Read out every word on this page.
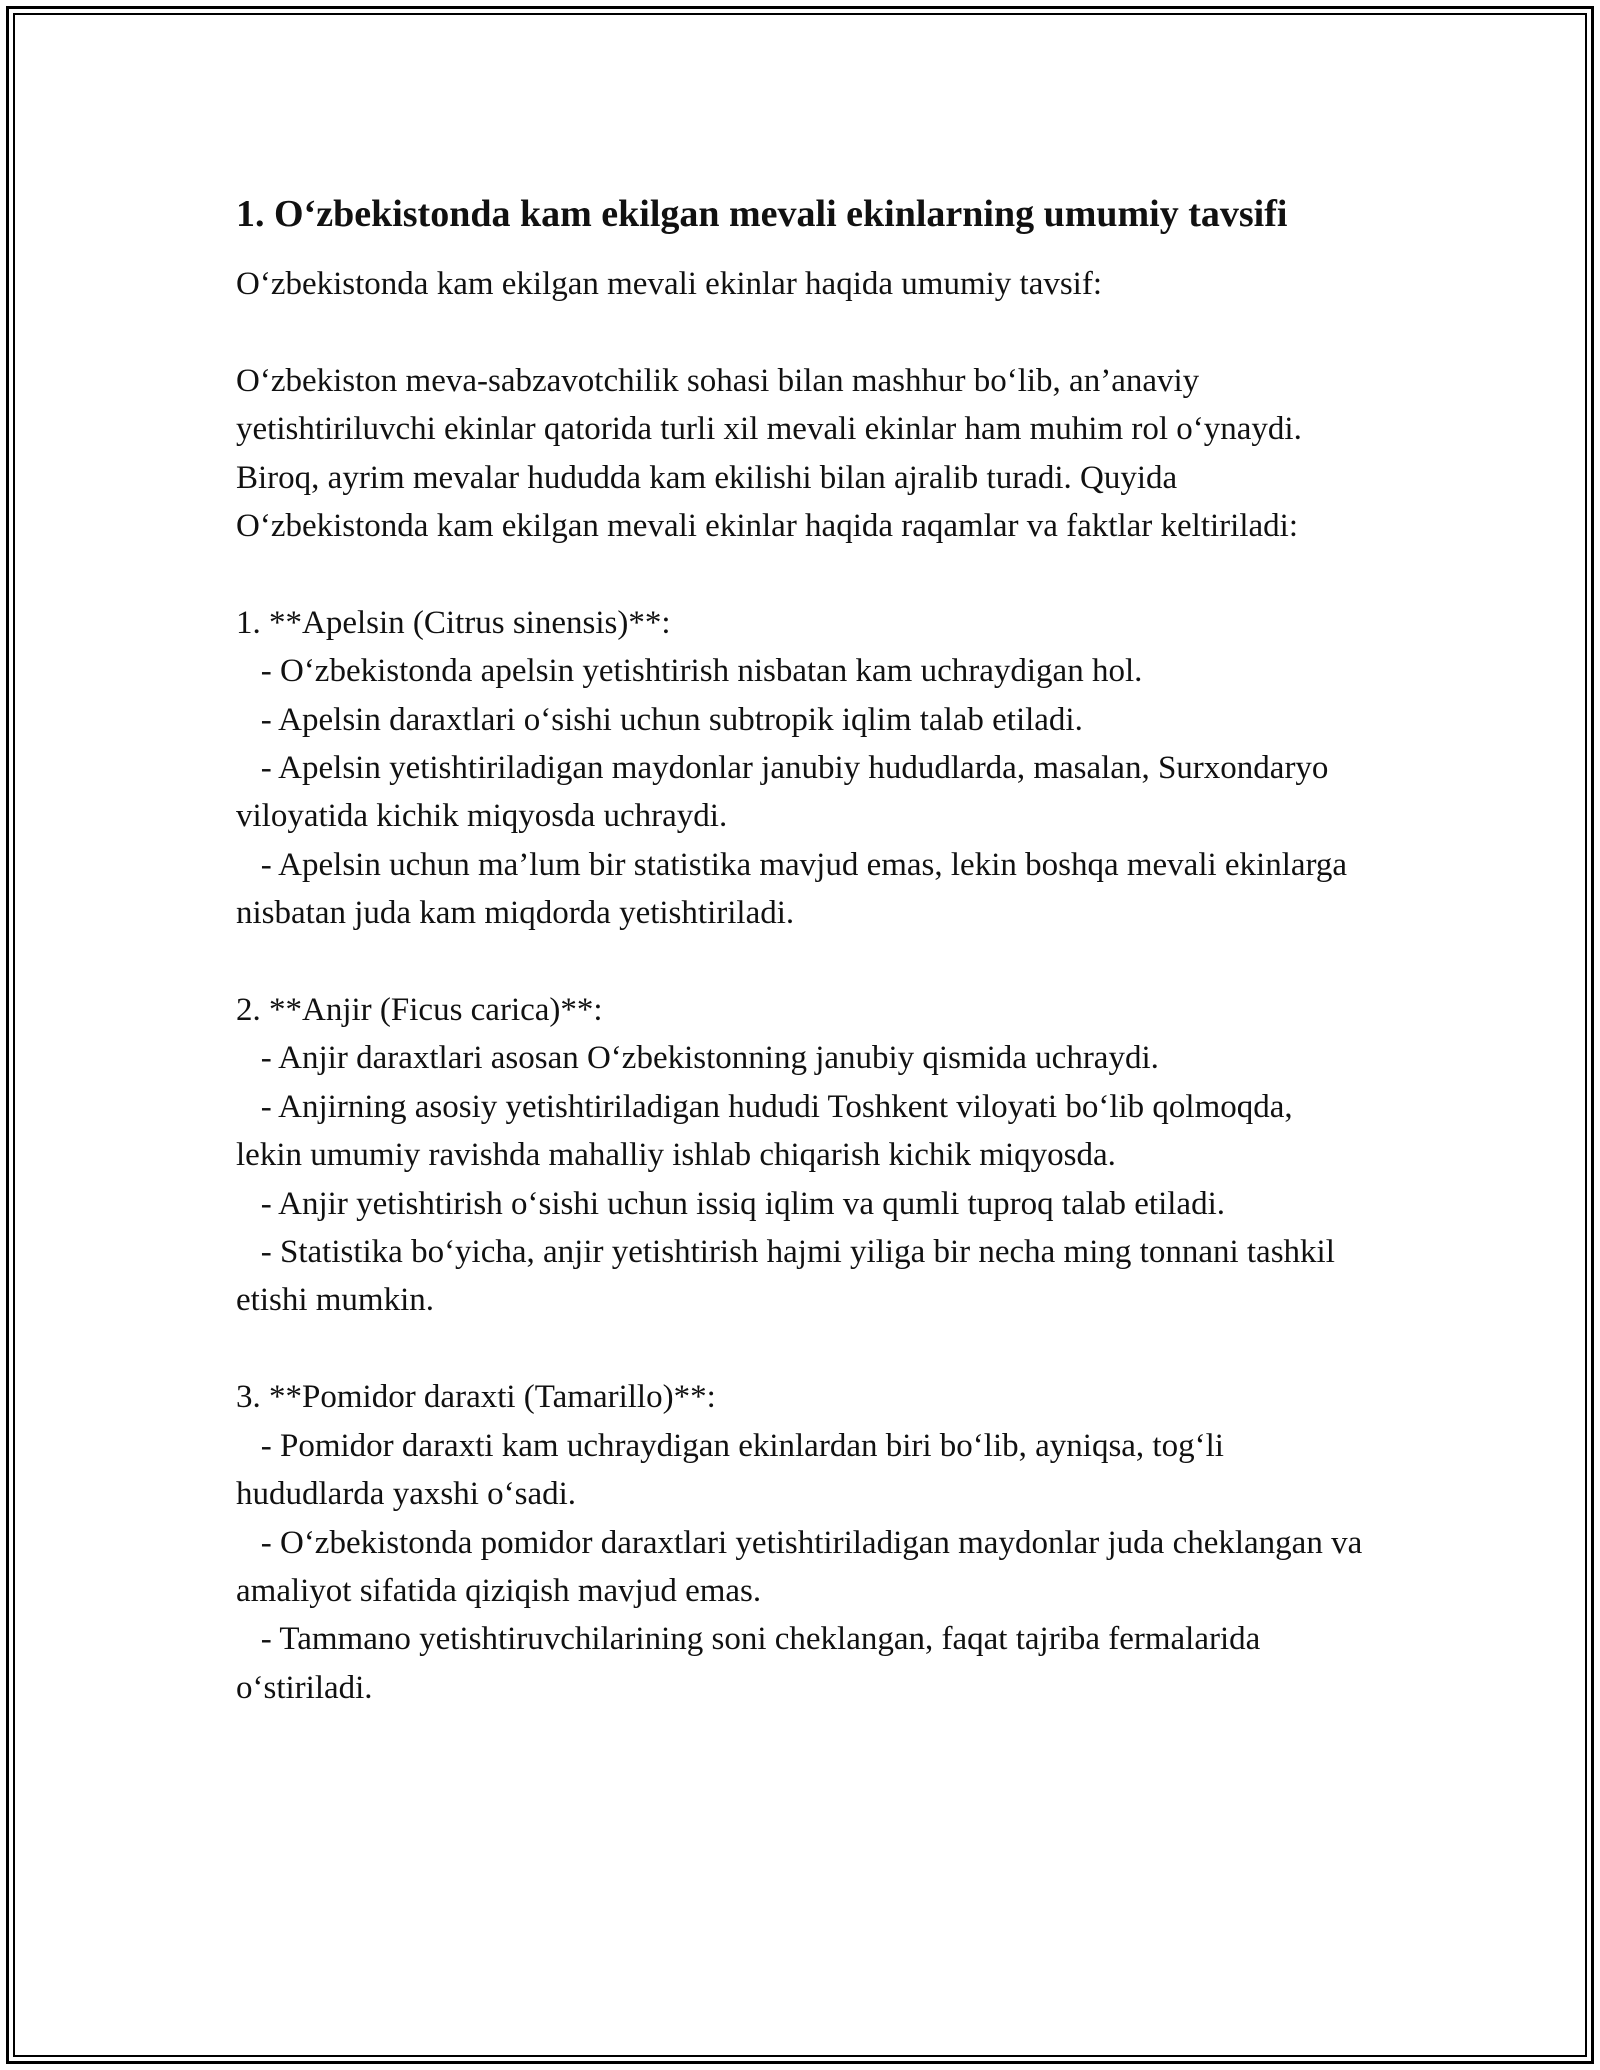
1. O‘zbekistonda kam ekilgan mevali ekinlarning umumiy tavsifi

O‘zbekistonda kam ekilgan mevali ekinlar haqida umumiy tavsif:

O‘zbekiston meva-sabzavotchilik sohasi bilan mashhur bo‘lib, an’anaviy yetishtiriluvchi ekinlar qatorida turli xil mevali ekinlar ham muhim rol o‘ynaydi. Biroq, ayrim mevalar hududda kam ekilishi bilan ajralib turadi. Quyida O‘zbekistonda kam ekilgan mevali ekinlar haqida raqamlar va faktlar keltiriladi:

1. **Apelsin (Citrus sinensis)**:

- O‘zbekistonda apelsin yetishtirish nisbatan kam uchraydigan hol.

- Apelsin daraxtlari o‘sishi uchun subtropik iqlim talab etiladi.

- Apelsin yetishtiriladigan maydonlar janubiy hududlarda, masalan, Surxondaryo viloyatida kichik miqyosda uchraydi.

- Apelsin uchun ma’lum bir statistika mavjud emas, lekin boshqa mevali ekinlarga nisbatan juda kam miqdorda yetishtiriladi.

2. **Anjir (Ficus carica)**:

- Anjir daraxtlari asosan O‘zbekistonning janubiy qismida uchraydi.

- Anjirning asosiy yetishtiriladigan hududi Toshkent viloyati bo‘lib qolmoqda, lekin umumiy ravishda mahalliy ishlab chiqarish kichik miqyosda.

- Anjir yetishtirish o‘sishi uchun issiq iqlim va qumli tuproq talab etiladi.

- Statistika bo‘yicha, anjir yetishtirish hajmi yiliga bir necha ming tonnani tashkil etishi mumkin.

3. **Pomidor daraxti (Tamarillo)**:

- Pomidor daraxti kam uchraydigan ekinlardan biri bo‘lib, ayniqsa, tog‘li hududlarda yaxshi o‘sadi.

- O‘zbekistonda pomidor daraxtlari yetishtiriladigan maydonlar juda cheklangan va amaliyot sifatida qiziqish mavjud emas.

- Tammano yetishtiruvchilarining soni cheklangan, faqat tajriba fermalarida o‘stiriladi.
